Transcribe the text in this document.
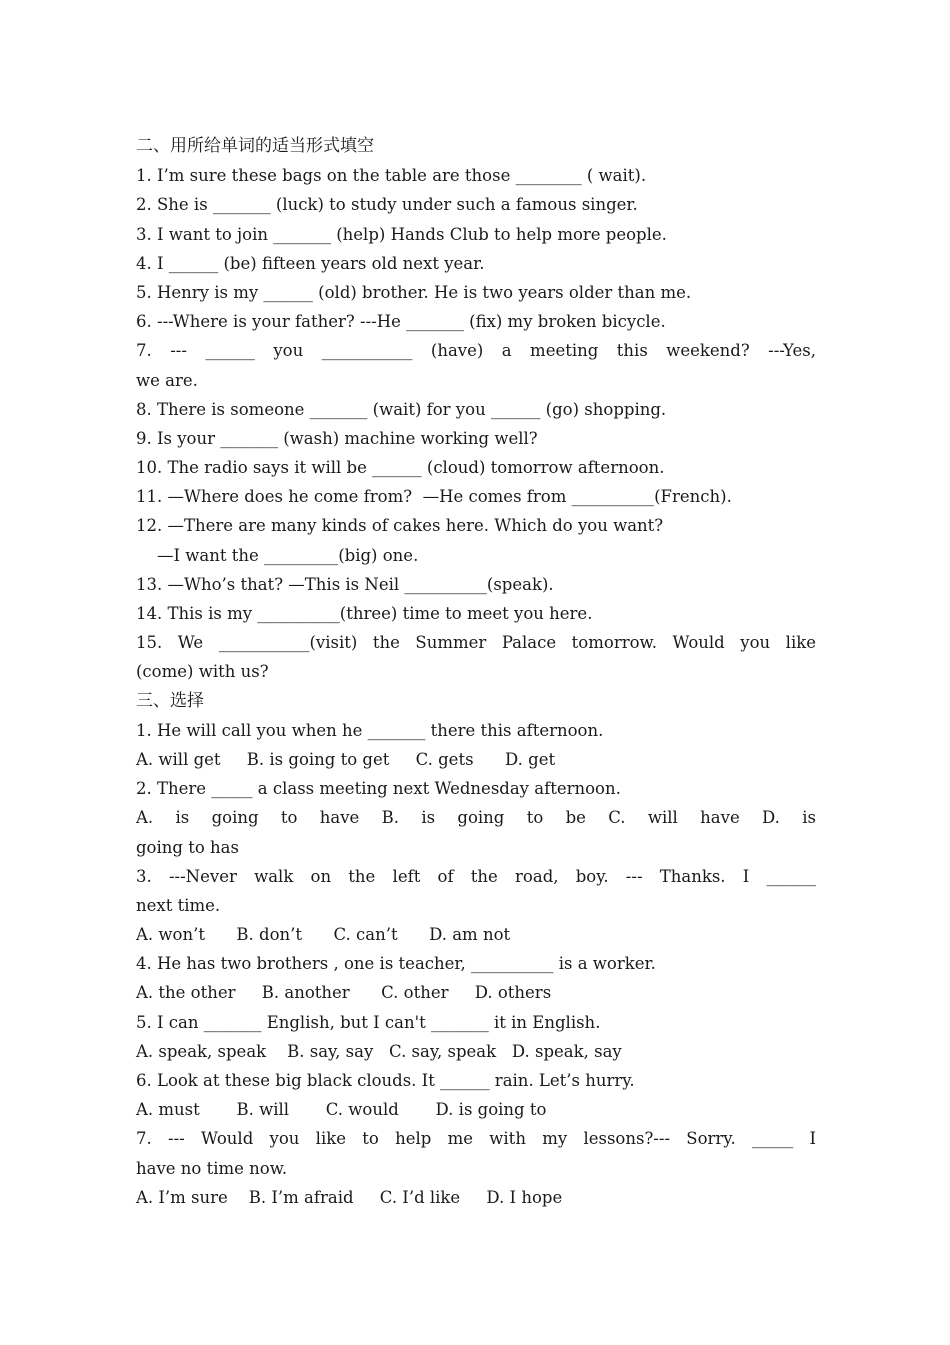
二、用所给单词的适当形式填空
1. I’m sure these bags on the table are those ________ ( wait).
2. She is _______ (luck) to study under such a famous singer.
3. I want to join _______ (help) Hands Club to help more people.
4. I ______ (be) fifteen years old next year.
5. Henry is my ______ (old) brother. He is two years older than me.
6. ---Where is your father? ---He _______ (fix) my broken bicycle.
7. --- ______ you ___________ (have) a meeting this weekend? ---Yes,
we are.
8. There is someone _______ (wait) for you ______ (go) shopping.
9. Is your _______ (wash) machine working well?
10. The radio says it will be ______ (cloud) tomorrow afternoon.
11. —Where does he come from?  —He comes from __________(French).
12. —There are many kinds of cakes here. Which do you want?
—I want the _________(big) one.
13. —Who’s that? —This is Neil __________(speak).
14. This is my __________(three) time to meet you here.
15. We ___________(visit) the Summer Palace tomorrow. Would you like
(come) with us?
三、选择
1. He will call you when he _______ there this afternoon.
A. will get     B. is going to get     C. gets      D. get
2. There _____ a class meeting next Wednesday afternoon.
A. is going to have B. is going to be C. will have D. is
going to has
3. ---Never walk on the left of the road, boy. --- Thanks. I ______
next time.
A. won’t      B. don’t      C. can’t      D. am not
4. He has two brothers , one is teacher, __________ is a worker.
A. the other     B. another      C. other     D. others
5. I can _______ English, but I can't _______ it in English.
A. speak, speak    B. say, say   C. say, speak   D. speak, say
6. Look at these big black clouds. It ______ rain. Let’s hurry.
A. must       B. will       C. would       D. is going to
7. --- Would you like to help me with my lessons?--- Sorry. _____ I
have no time now.
A. I’m sure    B. I’m afraid     C. I’d like     D. I hope
